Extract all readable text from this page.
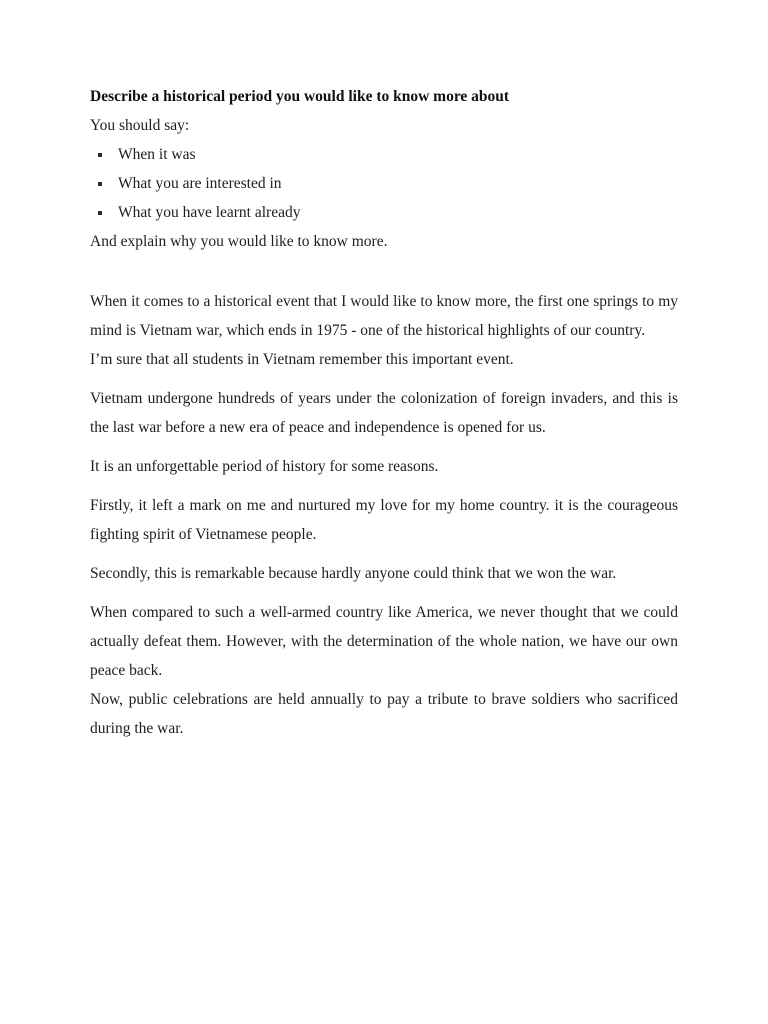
Describe a historical period you would like to know more about

You should say:

When it was
What you are interested in
What you have learnt already

And explain why you would like to know more.

When it comes to a historical event that I would like to know more, the first one springs to my mind is Vietnam war, which ends in 1975 - one of the historical highlights of our country.

I’m sure that all students in Vietnam remember this important event.

Vietnam undergone hundreds of years under the colonization of foreign invaders, and this is the last war before a new era of peace and independence is opened for us.

It is an unforgettable period of history for some reasons.

Firstly, it left a mark on me and nurtured my love for my home country. it is the courageous fighting spirit of Vietnamese people.

Secondly, this is remarkable because hardly anyone could think that we won the war.

When compared to such a well-armed country like America, we never thought that we could actually defeat them. However, with the determination of the whole nation, we have our own peace back.

Now, public celebrations are held annually to pay a tribute to brave soldiers who sacrificed during the war.
